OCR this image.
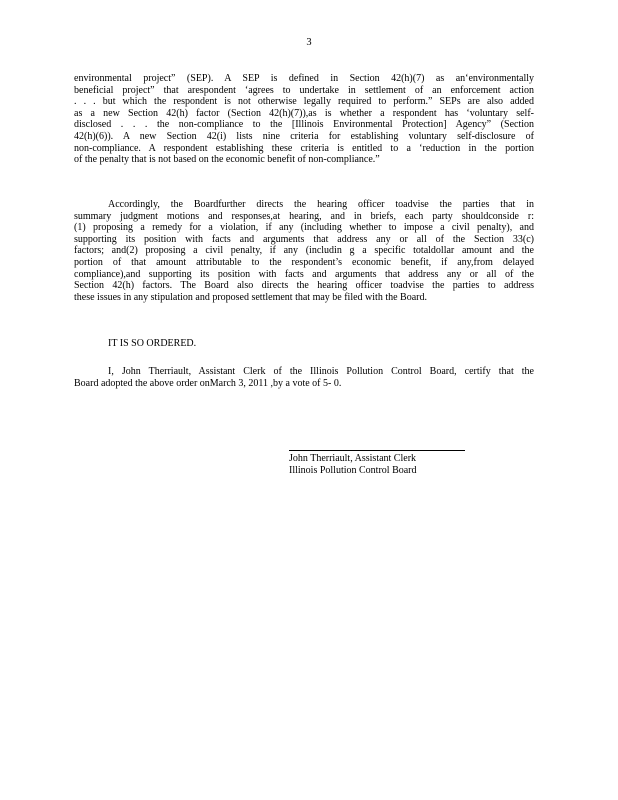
3
environmental project” (SEP). A SEP is defined in Section 42(h)(7) as an‘environmentally
beneficial project” that arespondent ‘agrees to undertake in settlement of an enforcement action
. . . but which the respondent is not otherwise legally required to perform.” SEPs are also added
as a new Section 42(h) factor (Section 42(h)(7)),as is whether a respondent has ‘voluntary self-
disclosed . . . the non-compliance to the [Illinois Environmental Protection] Agency” (Section
42(h)(6)). A new Section 42(i) lists nine criteria for establishing voluntary self-disclosure of
non-compliance. A respondent establishing these criteria is entitled to a ‘reduction in the portion
of the penalty that is not based on the economic benefit of non-compliance.”
Accordingly, the Boardfurther directs the hearing officer toadvise the parties that in
summary judgment motions and responses,at hearing, and in briefs, each party shouldconside r:
(1) proposing a remedy for a violation, if any (including whether to impose a civil penalty), and
supporting its position with facts and arguments that address any or all of the Section 33(c)
factors; and(2) proposing a civil penalty, if any (includin g a specific totaldollar amount and the
portion of that amount attributable to the respondent’s economic benefit, if any,from delayed
compliance),and supporting its position with facts and arguments that address any or all of the
Section 42(h) factors. The Board also directs the hearing officer toadvise the parties to address
these issues in any stipulation and proposed settlement that may be filed with the Board.
IT IS SO ORDERED.
I, John Therriault, Assistant Clerk of the Illinois Pollution Control Board, certify that the
Board adopted the above order onMarch 3, 2011 ,by a vote of 5- 0.
John Therriault, Assistant Clerk
Illinois Pollution Control Board
